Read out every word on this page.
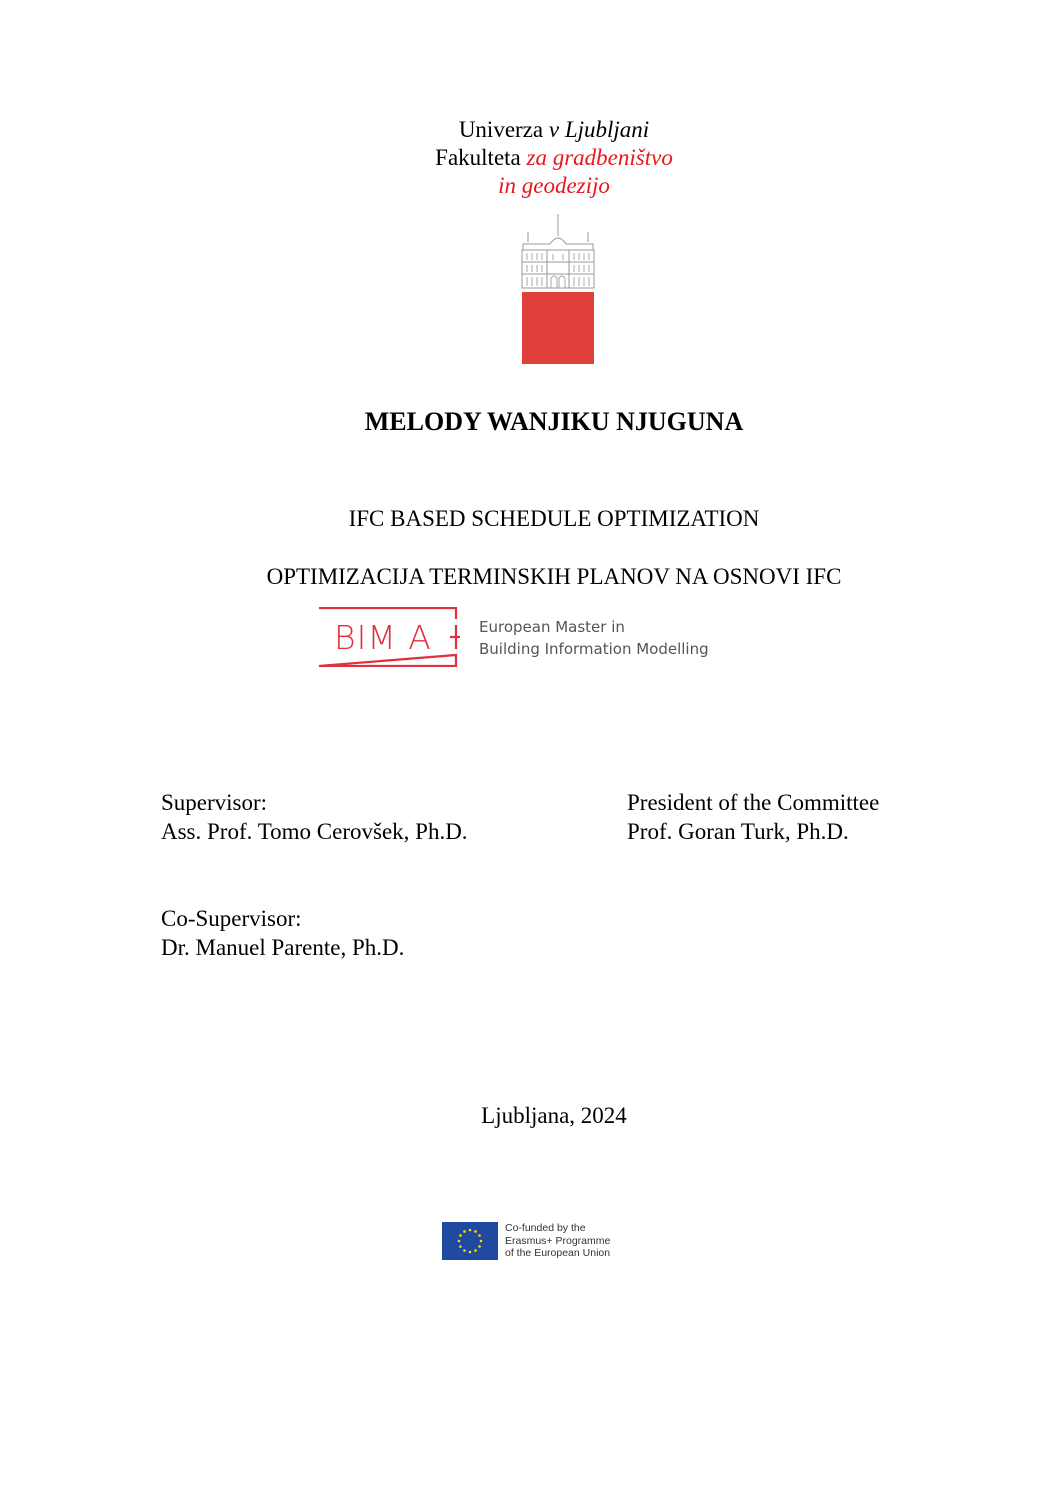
Univerza v Ljubljani
Fakulteta za gradbeništvo
in geodezijo
MELODY WANJIKU NJUGUNA
IFC BASED SCHEDULE OPTIMIZATION
OPTIMIZACIJA TERMINSKIH PLANOV NA OSNOVI IFC
BIM A	European Master in
Building Information Modelling
Supervisor:
Ass. Prof. Tomo Cerovšek, Ph.D.
President of the Committee
Prof. Goran Turk, Ph.D.
Co-Supervisor:
Dr. Manuel Parente, Ph.D.
Ljubljana, 2024
Co-funded by the
Erasmus+ Programme
of the European Union
